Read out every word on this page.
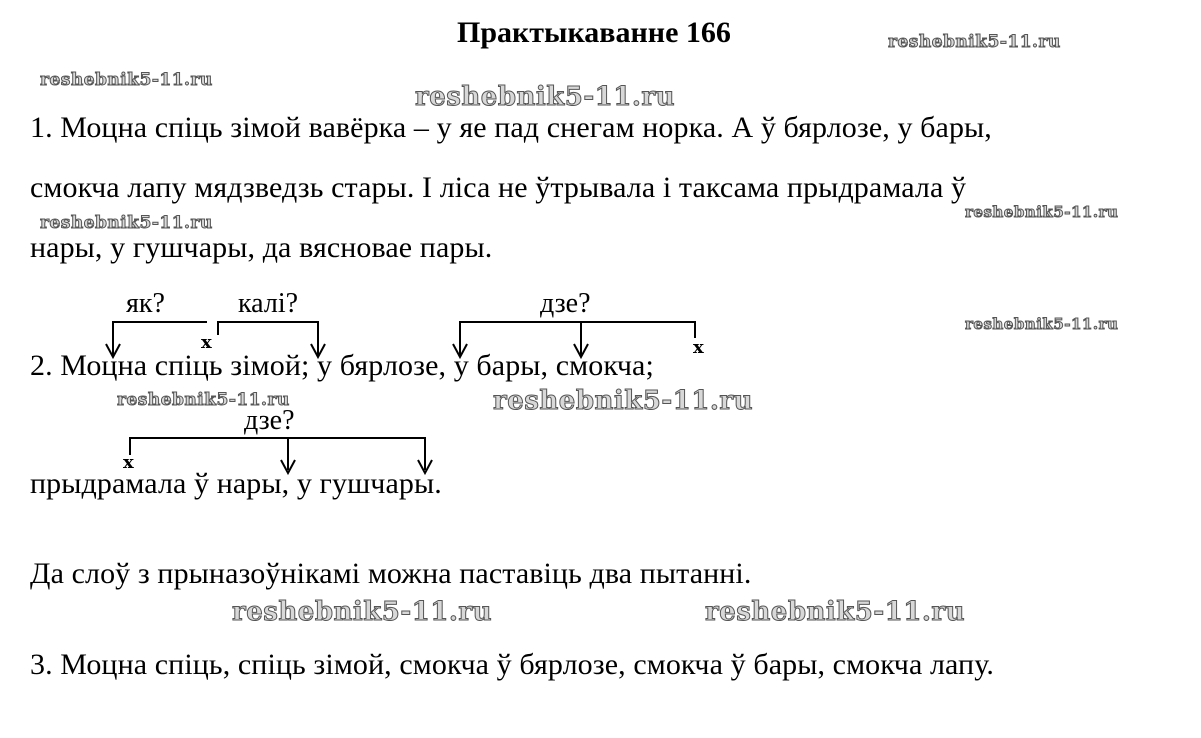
Практыкаванне 166	reshebnik5-11.ru
reshebnik5-11.ru
reshebnik5-11.ru
reshebnik5-11.ru
reshebnik5-11.ru
reshebnik5-11.ru
reshebnik5-11.ru	reshebnik5-11.ru
reshebnik5-11.ru	reshebnik5-11.ru
1. Моцна спіць зімой вавёрка – у яе пад снегам норка. А ў бярлозе, у бары,
смокча лапу мядзведзь стары. І ліса не ўтрывала і таксама прыдрамала ў
нары, у гушчары, да вясновае пары.
як?	калі?	дзе?
дзе?
x	x
x
2. Моцна спіць зімой; у бярлозе, у бары, смокча;
прыдрамала ў нары, у гушчары.
Да слоў з прыназоўнікамі можна паставіць два пытанні.
3. Моцна спіць, спіць зімой, смокча ў бярлозе, смокча ў бары, смокча лапу.
